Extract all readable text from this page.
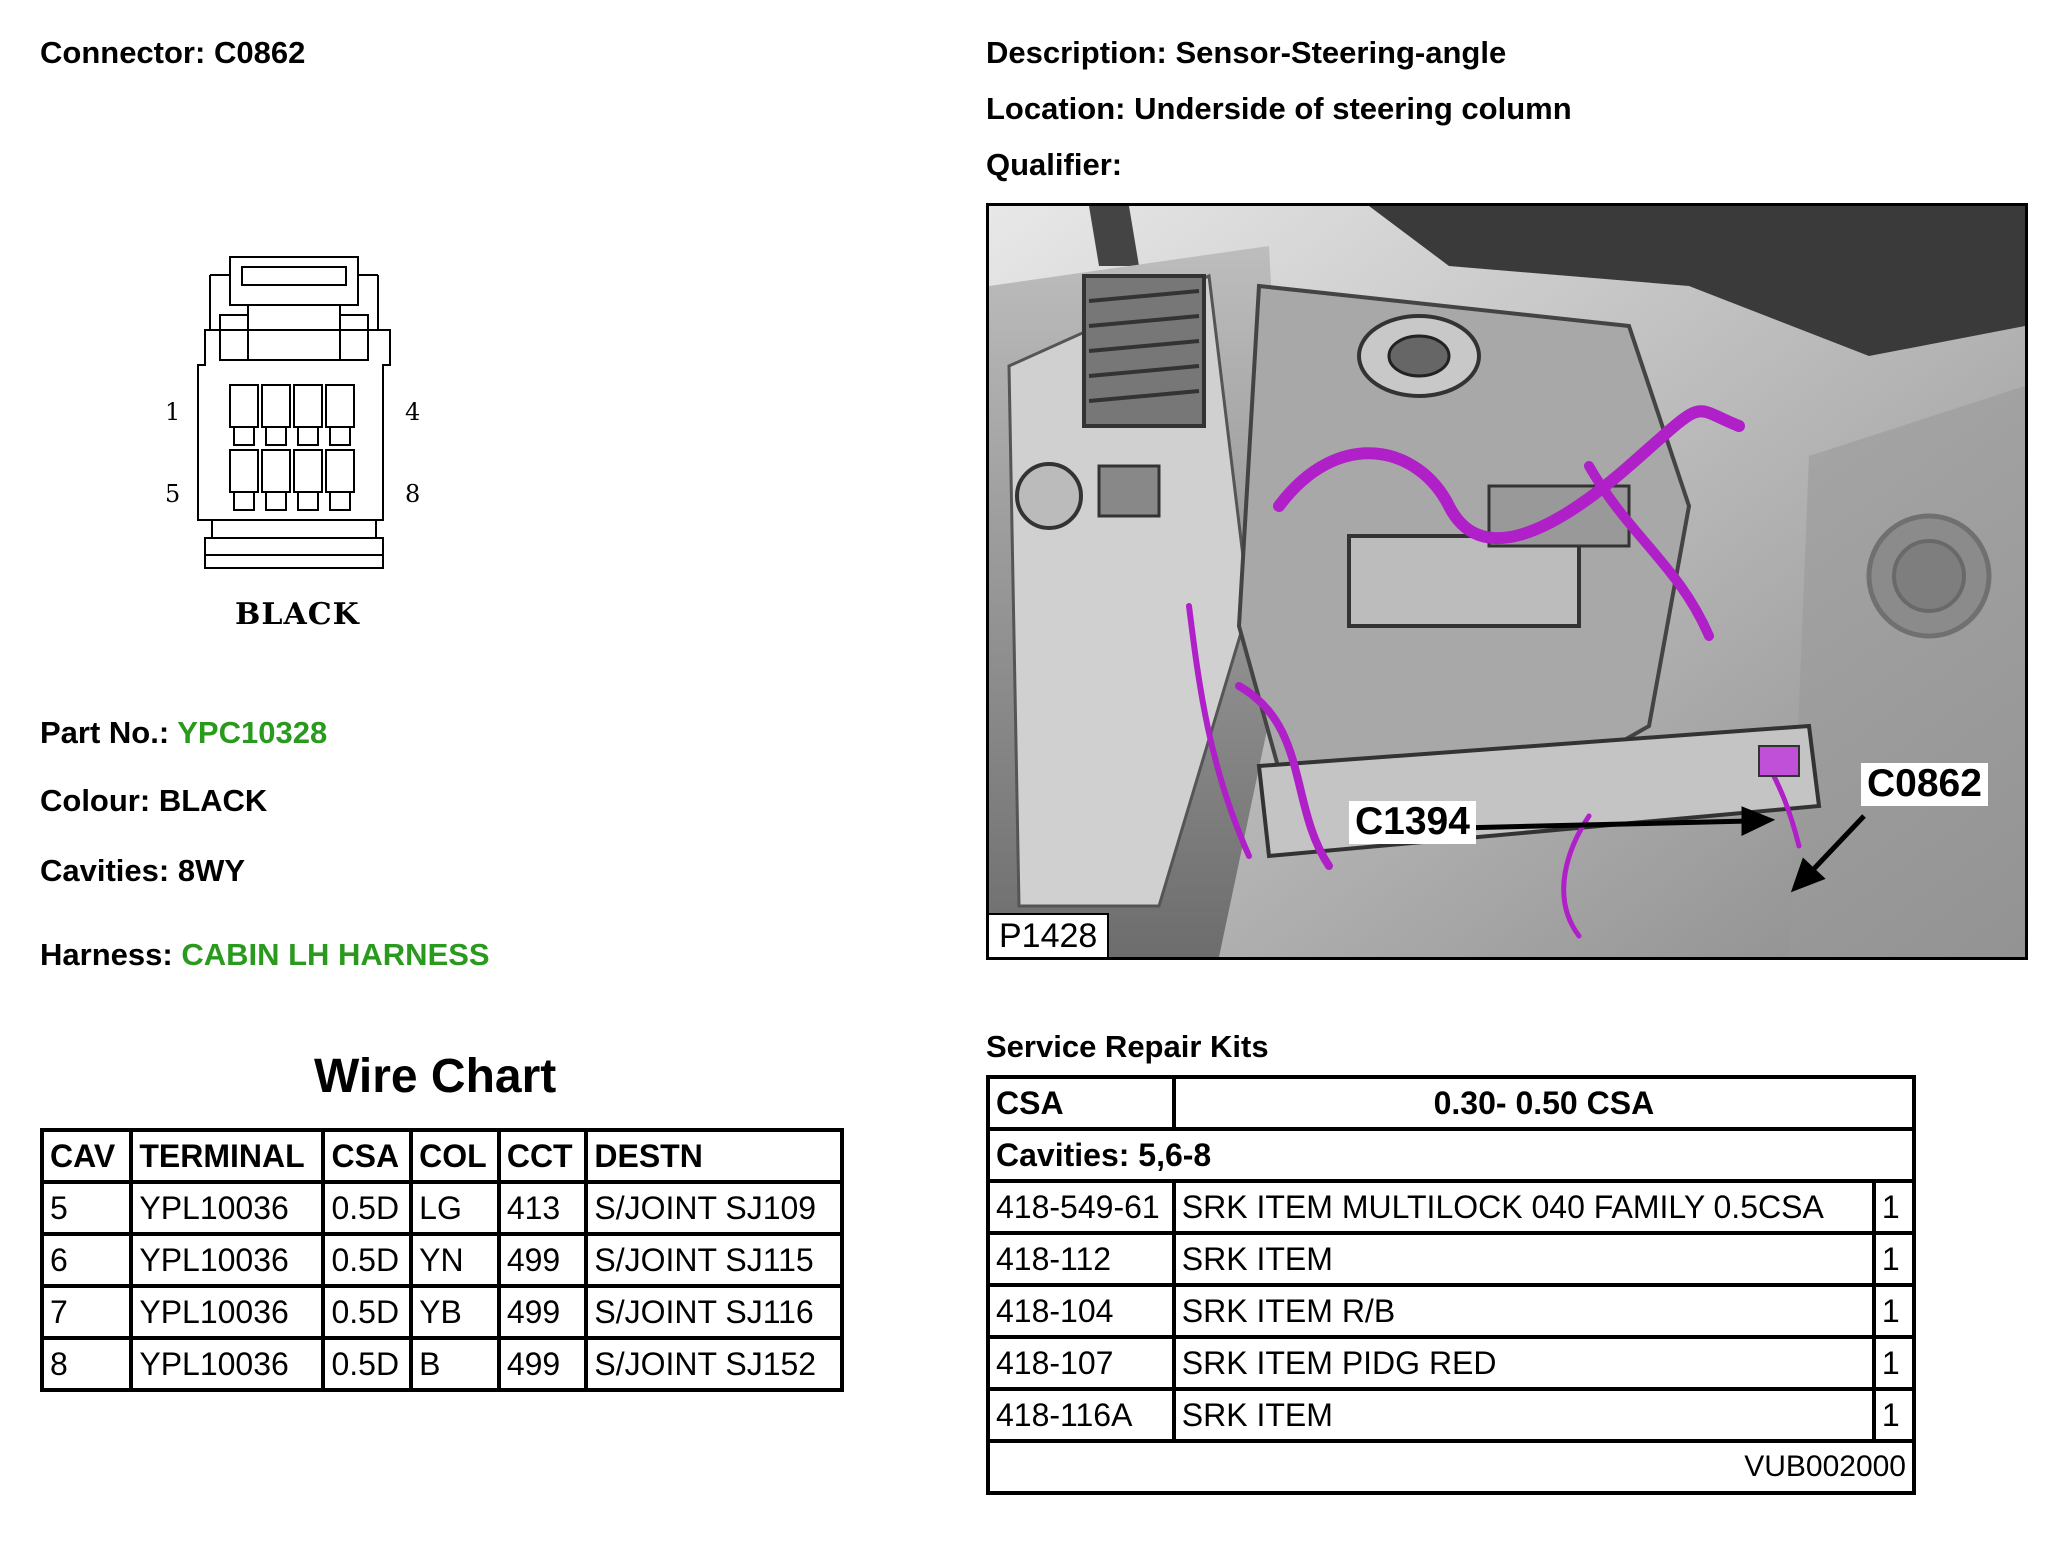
Connector: C0862	Description: Sensor-Steering-angle
Location: Underside of steering column
Qualifier:
1	4
5	8
BLACK
Part No.: YPC10328
Colour: BLACK
Cavities: 8WY
Harness: CABIN LH HARNESS
Wire Chart
CAV	TERMINAL	CSA	COL	CCT	DESTN
5	YPL10036	0.5D	LG	413	S/JOINT SJ109
6	YPL10036	0.5D	YN	499	S/JOINT SJ115
7	YPL10036	0.5D	YB	499	S/JOINT SJ116
8	YPL10036	0.5D	B	499	S/JOINT SJ152
C1394
C0862
P1428
Service Repair Kits
CSA	0.30- 0.50 CSA	
Cavities: 5,6-8		
418-549-61	SRK ITEM MULTILOCK 040 FAMILY 0.5CSA	1
418-112	SRK ITEM	1
418-104	SRK ITEM R/B	1
418-107	SRK ITEM PIDG RED	1
418-116A	SRK ITEM	1
VUB002000		
